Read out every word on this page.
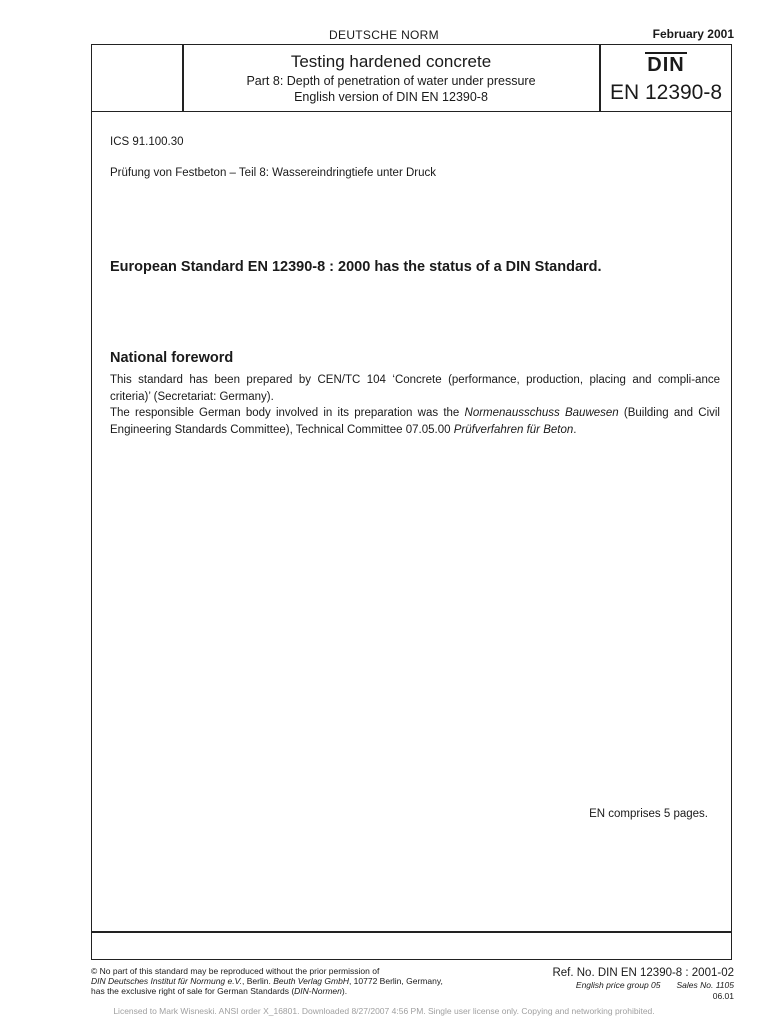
DEUTSCHE NORM	February 2001
Testing hardened concrete
Part 8: Depth of penetration of water under pressure
English version of DIN EN 12390-8
DIN
EN 12390-8
ICS 91.100.30
Prüfung von Festbeton – Teil 8: Wassereindringtiefe unter Druck
European Standard EN 12390-8 : 2000 has the status of a DIN Standard.
National foreword

This standard has been prepared by CEN/TC 104 ‘Concrete (performance, production, placing and compli-ance criteria)’ (Secretariat: Germany).

The responsible German body involved in its preparation was the Normenausschuss Bauwesen (Building and Civil Engineering Standards Committee), Technical Committee 07.05.00 Prüfverfahren für Beton.

EN comprises 5 pages.
© No part of this standard may be reproduced without the prior permission of
DIN Deutsches Institut für Normung e.V., Berlin. Beuth Verlag GmbH, 10772 Berlin, Germany,
has the exclusive right of sale for German Standards (DIN-Normen).
Ref. No. DIN EN 12390-8 : 2001-02
English price group 05 Sales No. 1105
06.01
Licensed to Mark Wisneski. ANSI order X_16801. Downloaded 8/27/2007 4:56 PM. Single user license only. Copying and networking prohibited.
